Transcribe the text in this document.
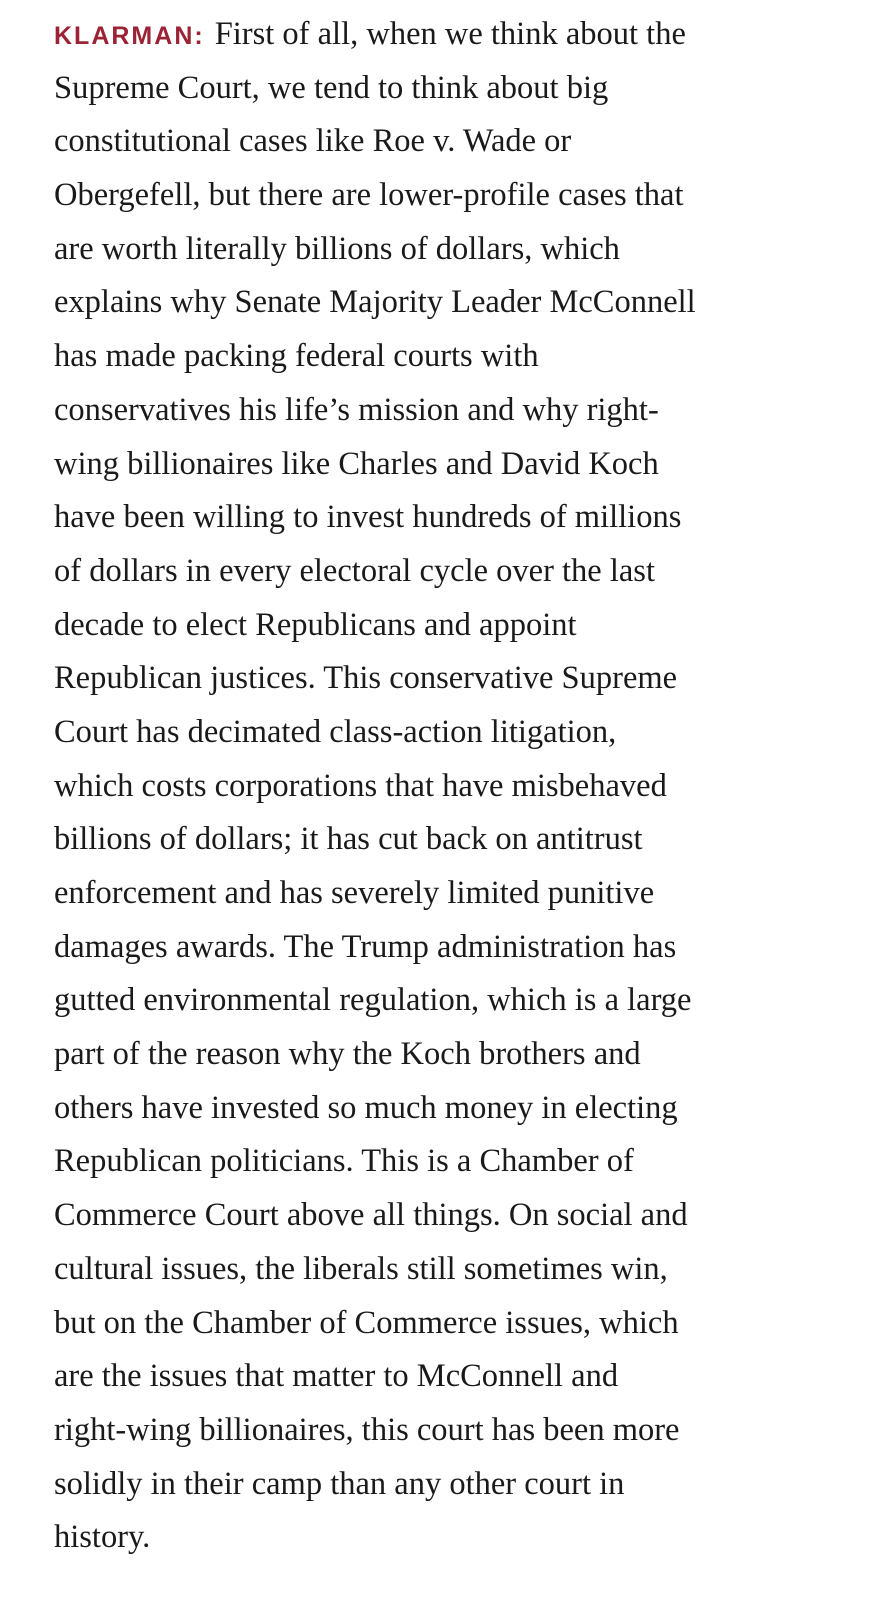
KLARMAN: First of all, when we think about the
Supreme Court, we tend to think about big
constitutional cases like Roe v. Wade or
Obergefell, but there are lower-profile cases that
are worth literally billions of dollars, which
explains why Senate Majority Leader McConnell
has made packing federal courts with
conservatives his life’s mission and why right-
wing billionaires like Charles and David Koch
have been willing to invest hundreds of millions
of dollars in every electoral cycle over the last
decade to elect Republicans and appoint
Republican justices. This conservative Supreme
Court has decimated class-action litigation,
which costs corporations that have misbehaved
billions of dollars; it has cut back on antitrust
enforcement and has severely limited punitive
damages awards. The Trump administration has
gutted environmental regulation, which is a large
part of the reason why the Koch brothers and
others have invested so much money in electing
Republican politicians. This is a Chamber of
Commerce Court above all things. On social and
cultural issues, the liberals still sometimes win,
but on the Chamber of Commerce issues, which
are the issues that matter to McConnell and
right-wing billionaires, this court has been more
solidly in their camp than any other court in
history.
